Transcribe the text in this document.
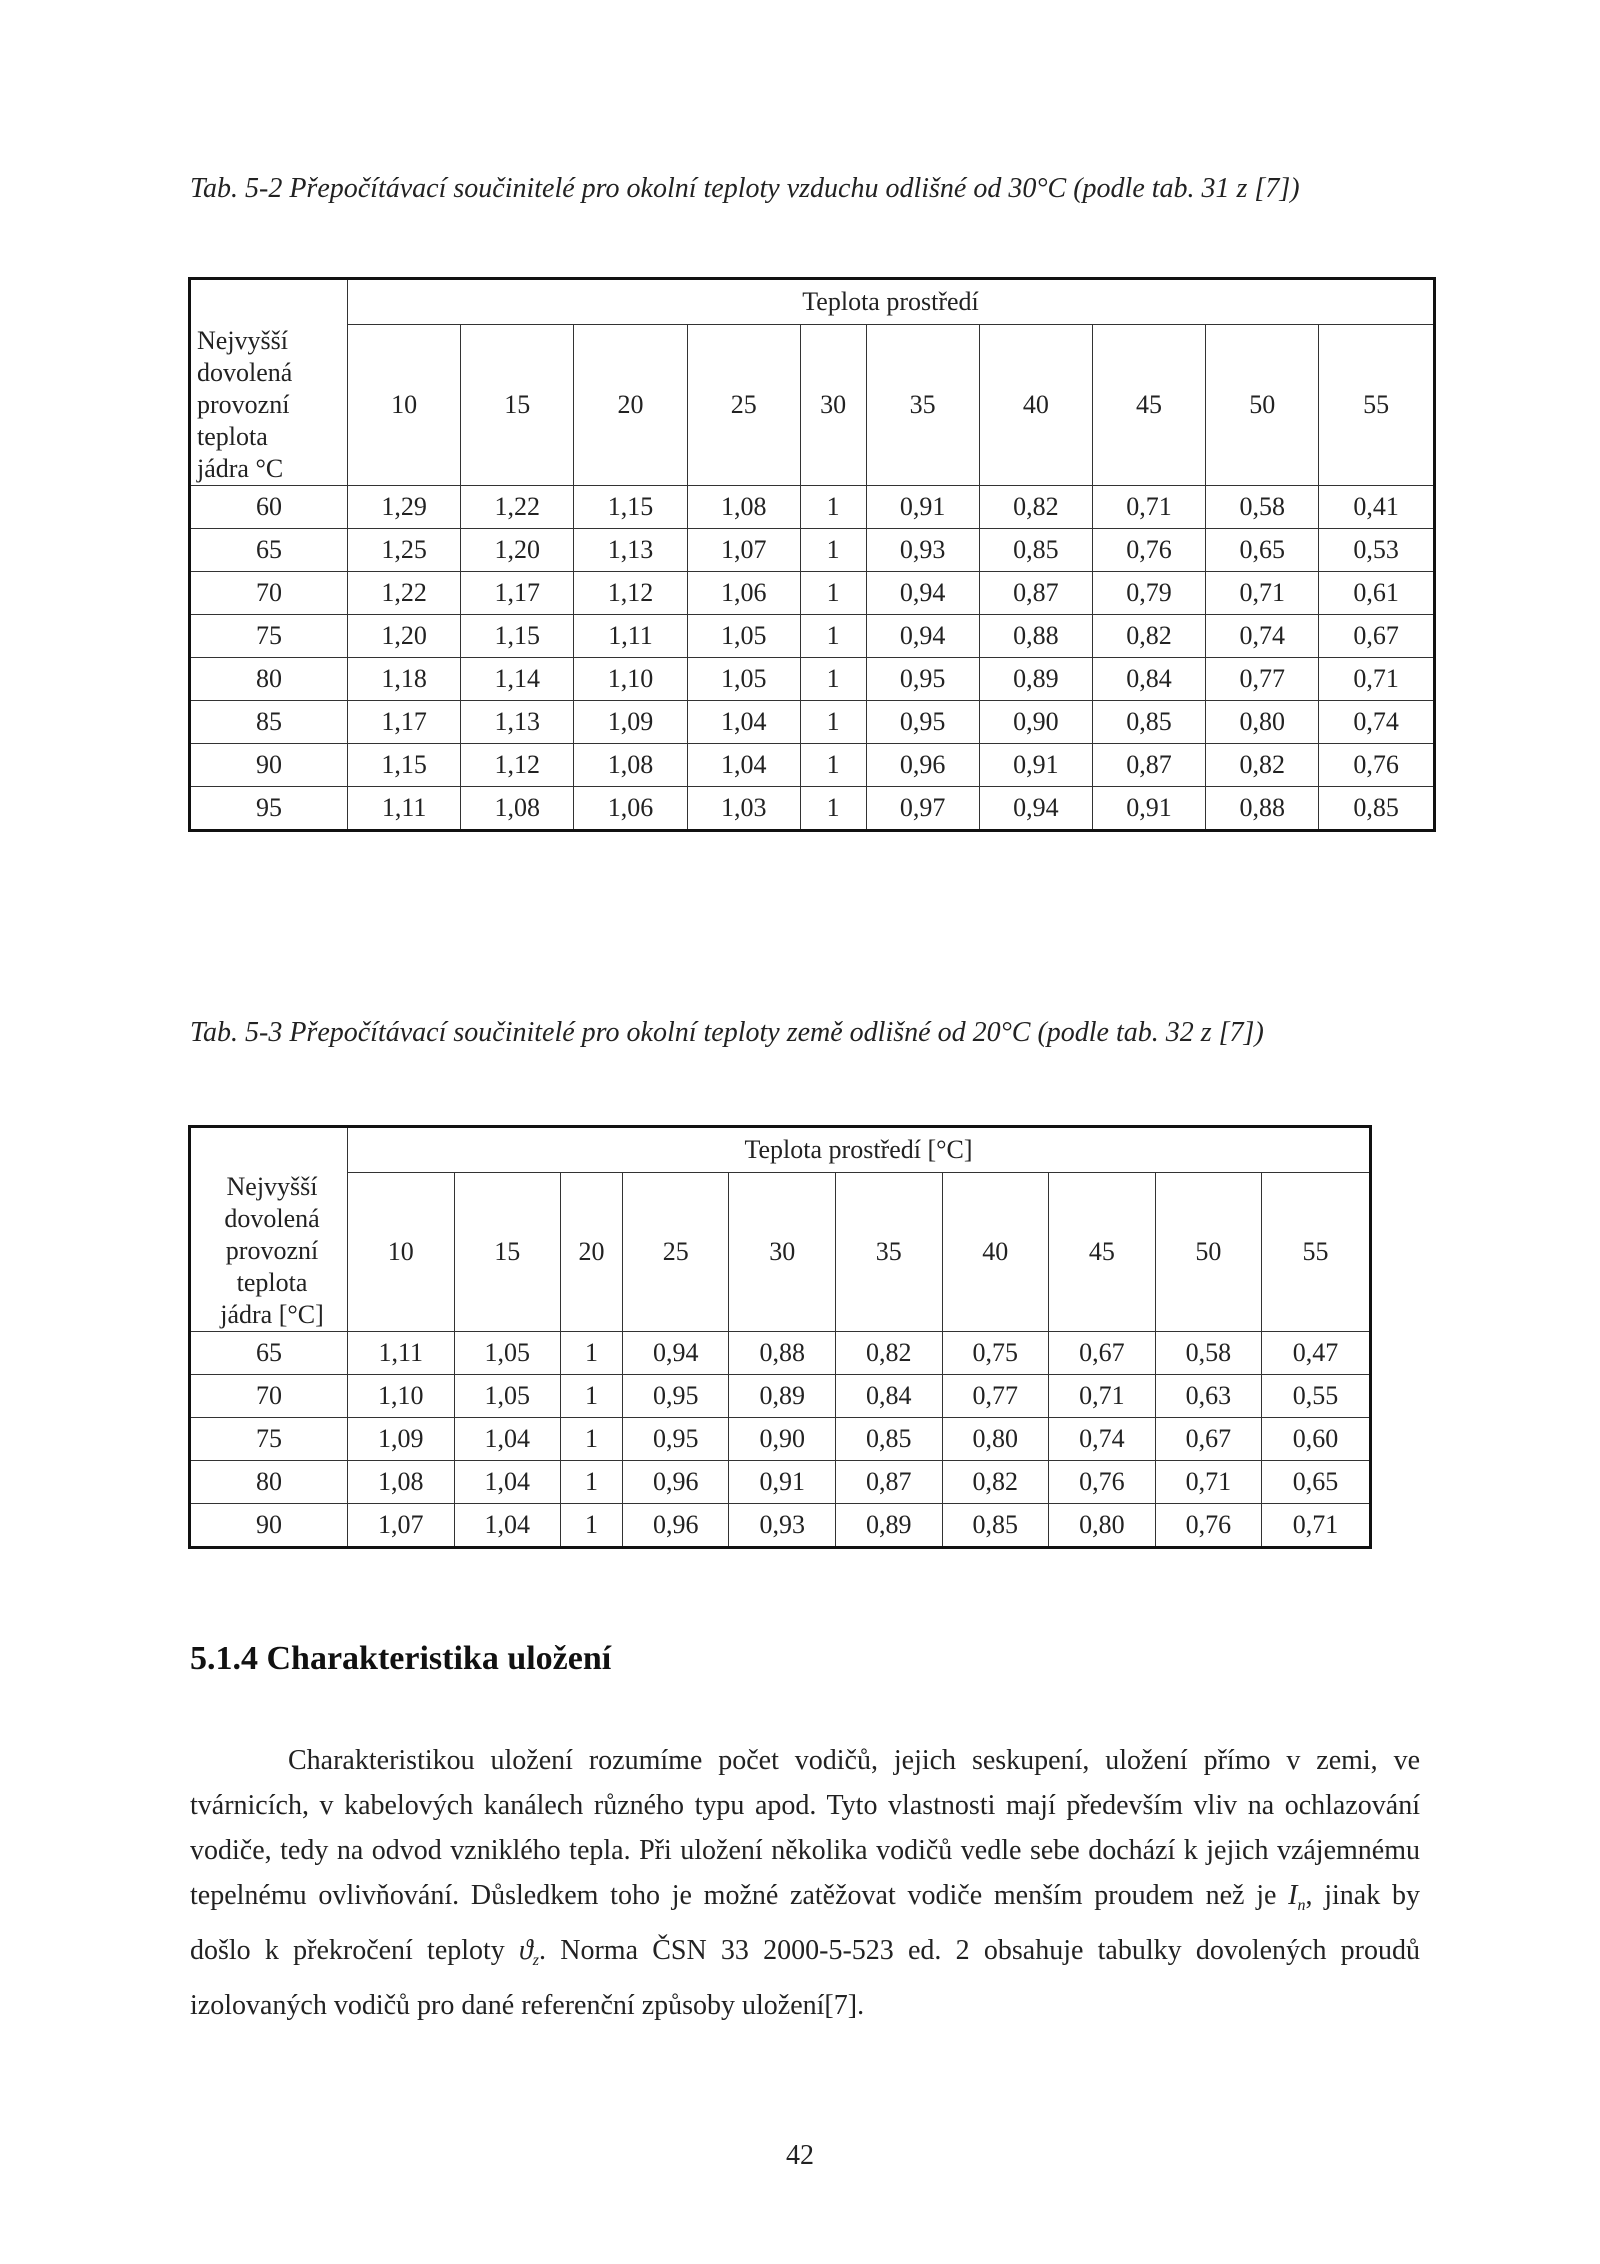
Tab. 5-2 Přepočítávací součinitelé pro okolní teploty vzduchu odlišné od 30°C (podle tab. 31 z [7])
Nejvyšší
dovolená
provozní
teplota
jádra °C	Teplota prostředí									
	10	15	20	25	30	35	40	45	50	55
60	1,29	1,22	1,15	1,08	1	0,91	0,82	0,71	0,58	0,41
65	1,25	1,20	1,13	1,07	1	0,93	0,85	0,76	0,65	0,53
70	1,22	1,17	1,12	1,06	1	0,94	0,87	0,79	0,71	0,61
75	1,20	1,15	1,11	1,05	1	0,94	0,88	0,82	0,74	0,67
80	1,18	1,14	1,10	1,05	1	0,95	0,89	0,84	0,77	0,71
85	1,17	1,13	1,09	1,04	1	0,95	0,90	0,85	0,80	0,74
90	1,15	1,12	1,08	1,04	1	0,96	0,91	0,87	0,82	0,76
95	1,11	1,08	1,06	1,03	1	0,97	0,94	0,91	0,88	0,85
Tab. 5-3 Přepočítávací součinitelé pro okolní teploty země odlišné od 20°C (podle tab. 32 z [7])
Nejvyšší
dovolená
provozní
teplota
jádra [°C]	Teplota prostředí [°C]									
	10	15	20	25	30	35	40	45	50	55
65	1,11	1,05	1	0,94	0,88	0,82	0,75	0,67	0,58	0,47
70	1,10	1,05	1	0,95	0,89	0,84	0,77	0,71	0,63	0,55
75	1,09	1,04	1	0,95	0,90	0,85	0,80	0,74	0,67	0,60
80	1,08	1,04	1	0,96	0,91	0,87	0,82	0,76	0,71	0,65
90	1,07	1,04	1	0,96	0,93	0,89	0,85	0,80	0,76	0,71
5.1.4 Charakteristika uložení
Charakteristikou uložení rozumíme počet vodičů, jejich seskupení, uložení přímo v zemi, ve tvárnicích, v kabelových kanálech různého typu apod. Tyto vlastnosti mají především vliv na ochlazování vodiče, tedy na odvod vzniklého tepla. Při uložení několika vodičů vedle sebe dochází k jejich vzájemnému tepelnému ovlivňování. Důsledkem toho je možné zatěžovat vodiče menším proudem než je $I_n$, jinak by došlo k překročení teploty $ϑ_z$. Norma ČSN 33 2000-5-523 ed. 2 obsahuje tabulky dovolených proudů izolovaných vodičů pro dané referenční způsoby uložení[7].
42
